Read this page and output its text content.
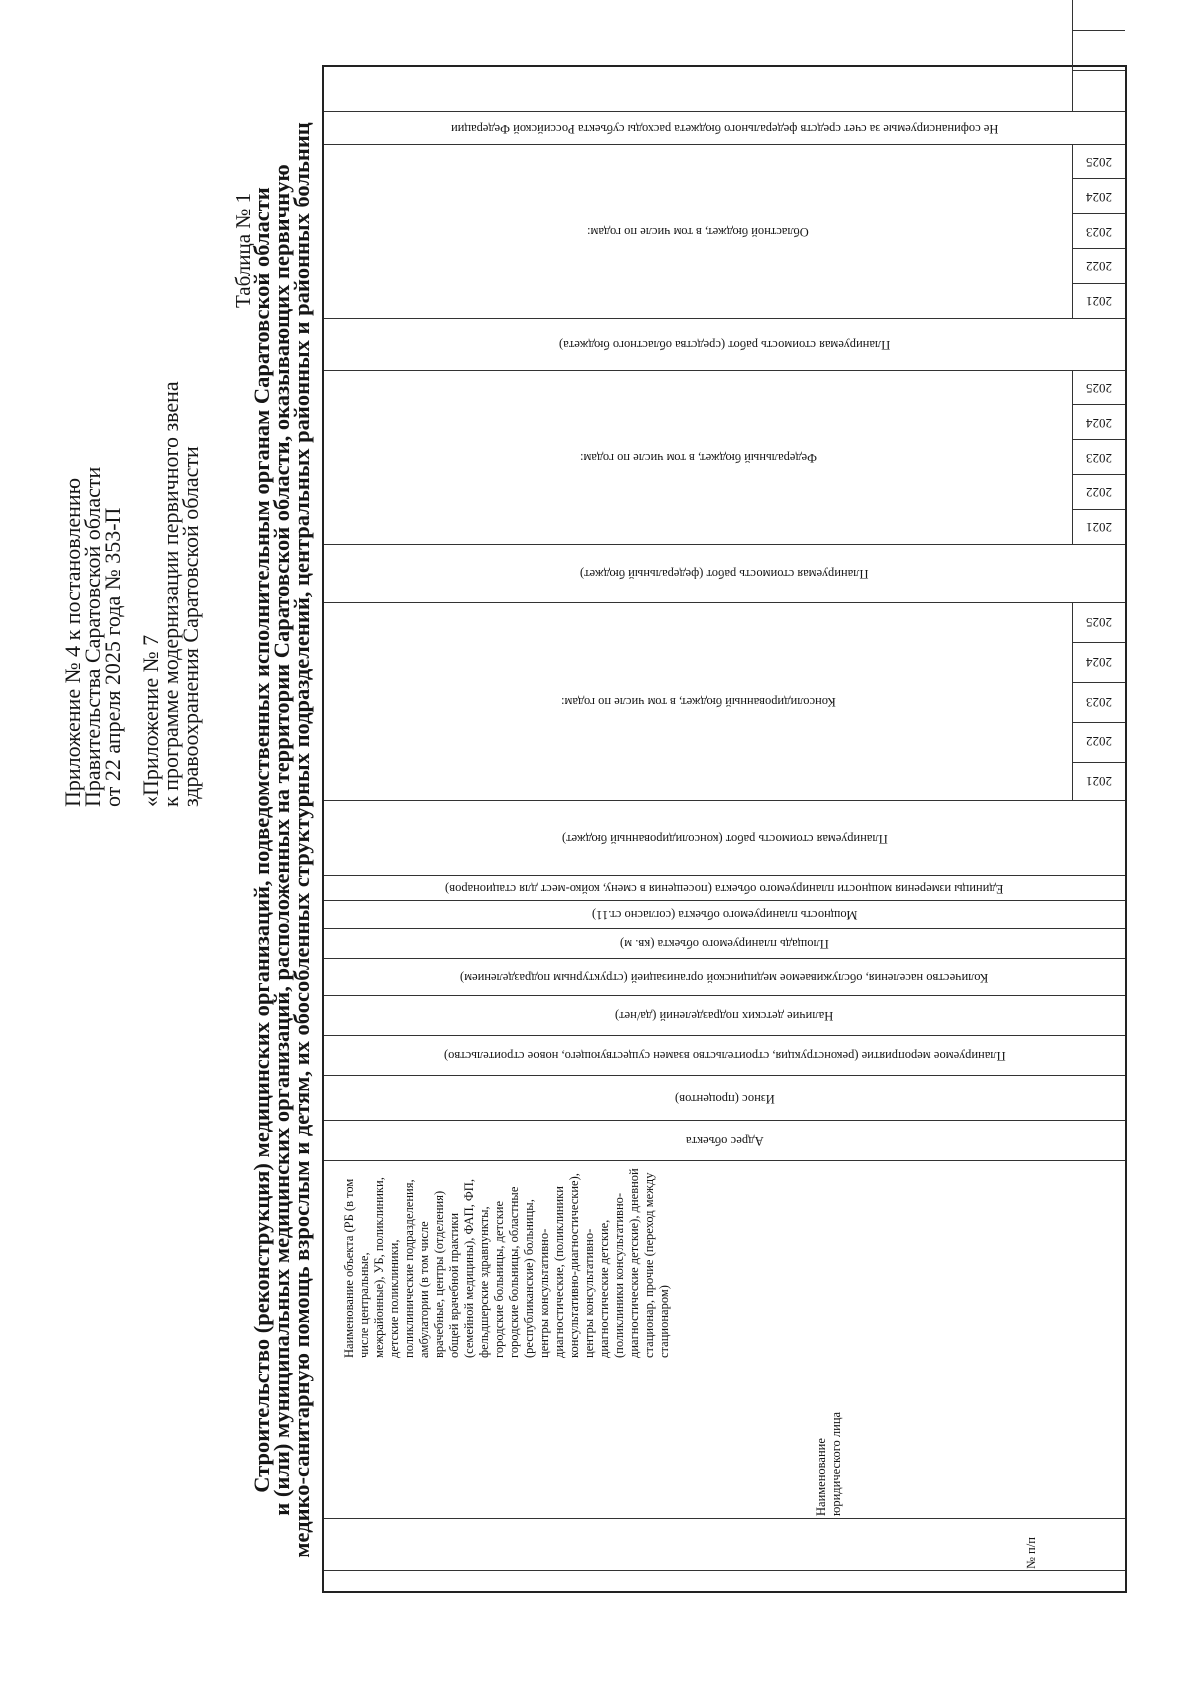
Приложение № 4 к постановлению
Правительства Саратовской области
от 22 апреля 2025 года № 353-П «Приложение № 7
к программе модернизации первичного звена
здравоохранения Саратовской области
Таблица № 1
Строительство (реконструкция) медицинских организаций, подведомственных исполнительным органам Саратовской области
и (или) муниципальных медицинских организаций, расположенных на территории Саратовской области, оказывающих первичную
медико-санитарную помощь взрослым и детям, их обособленных структурных подразделений, центральных районных и районных больниц	№ п/п
Наименование юридического лица
Наименование объекта (РБ (в том числе центральные, межрайонные), УБ, поликлиники, детские поликлиники, поликлинические подразделения, амбулатории (в том числе врачебные, центры (отделения) общей врачебной практики (семейной медицины), ФАП, ФП, фельдшерские здравпункты, городские больницы, детские городские больницы, областные (республиканские) больницы, центры консультативно-диагностические, (поликлиники консультативно-диагностические), центры консультативно-диагностические детские, (поликлиники консультативно-диагностические детские), дневной стационар, прочие (переход между стационаром)
Адрес объекта
Износ (процентов)
Планируемое мероприятие (реконструкция, строительство взамен существующего, новое строительство)
Наличие детских подразделений (да/нет)
Количество населения, обслуживаемое медицинской организацией (структурным подразделением)
Площадь планируемого объекта (кв. м)
Мощность планируемого объекта (согласно ст.11)
Единицы измерения мощности планируемого объекта (посещения в смену, койко-мест для стационаров)
Планируемая стоимость работ (консолидированный бюджет)
Планируемая стоимость работ (федеральный бюджет)
Планируемая стоимость работ (средства областного бюджета)
Не софинансируемые за счет средств федерального бюджета расходы субъекта Российской Федерации
Консолидированный бюджет, в том числе по годам:
Федеральный бюджет, в том числе по годам:
Областной бюджет, в том числе по годам:
2021
2022
2023
2024
2025
2021
2022
2023
2024
2025
2021
2022
2023
2024
2025
